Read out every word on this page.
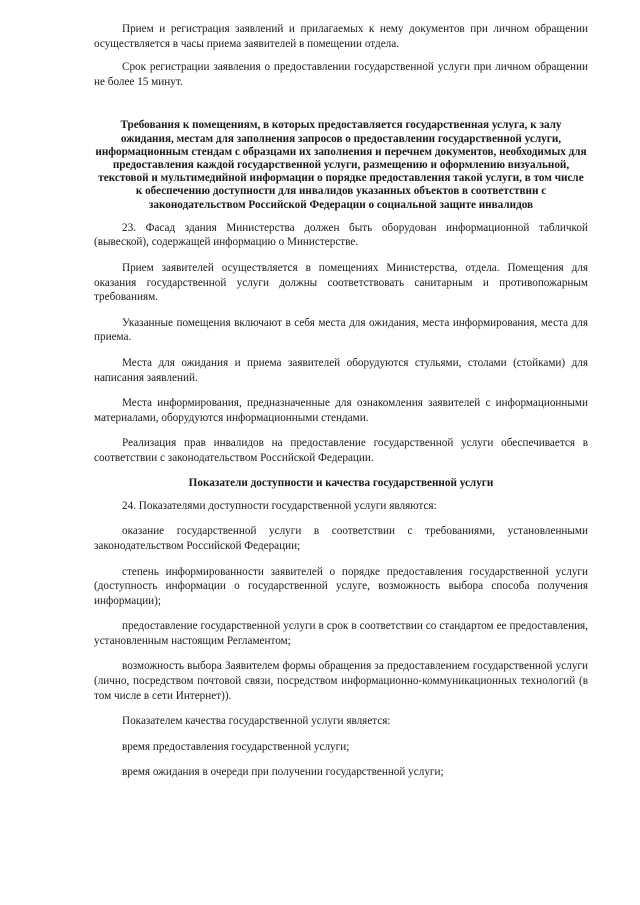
Прием и регистрация заявлений и прилагаемых к нему документов при личном обращении осуществляется в часы приема заявителей в помещении отдела.

Срок регистрации заявления о предоставлении государственной услуги при личном обращении не более 15 минут.

Требования к помещениям, в которых предоставляется государственная услуга, к залу ожидания, местам для заполнения запросов о предоставлении государственной услуги, информационным стендам с образцами их заполнения и перечнем документов, необходимых для предоставления каждой государственной услуги, размещению и оформлению визуальной, текстовой и мультимедийной информации о порядке предоставления такой услуги, в том числе к обеспечению доступности для инвалидов указанных объектов в соответствии с законодательством Российской Федерации о социальной защите инвалидов

23. Фасад здания Министерства должен быть оборудован информационной табличкой (вывеской), содержащей информацию о Министерстве.

Прием заявителей осуществляется в помещениях Министерства, отдела. Помещения для оказания государственной услуги должны соответствовать санитарным и противопожарным требованиям.

Указанные помещения включают в себя места для ожидания, места информирования, места для приема.

Места для ожидания и приема заявителей оборудуются стульями, столами (стойками) для написания заявлений.

Места информирования, предназначенные для ознакомления заявителей с информационными материалами, оборудуются информационными стендами.

Реализация прав инвалидов на предоставление государственной услуги обеспечивается в соответствии с законодательством Российской Федерации.

Показатели доступности и качества государственной услуги

24. Показателями доступности государственной услуги являются:

оказание государственной услуги в соответствии с требованиями, установленными законодательством Российской Федерации;

степень информированности заявителей о порядке предоставления государственной услуги (доступность информации о государственной услуге, возможность выбора способа получения информации);

предоставление государственной услуги в срок в соответствии со стандартом ее предоставления, установленным настоящим Регламентом;

возможность выбора Заявителем формы обращения за предоставлением государственной услуги (лично, посредством почтовой связи, посредством информационно-коммуникационных технологий (в том числе в сети Интернет)).

Показателем качества государственной услуги является:

время предоставления государственной услуги;

время ожидания в очереди при получении государственной услуги;
